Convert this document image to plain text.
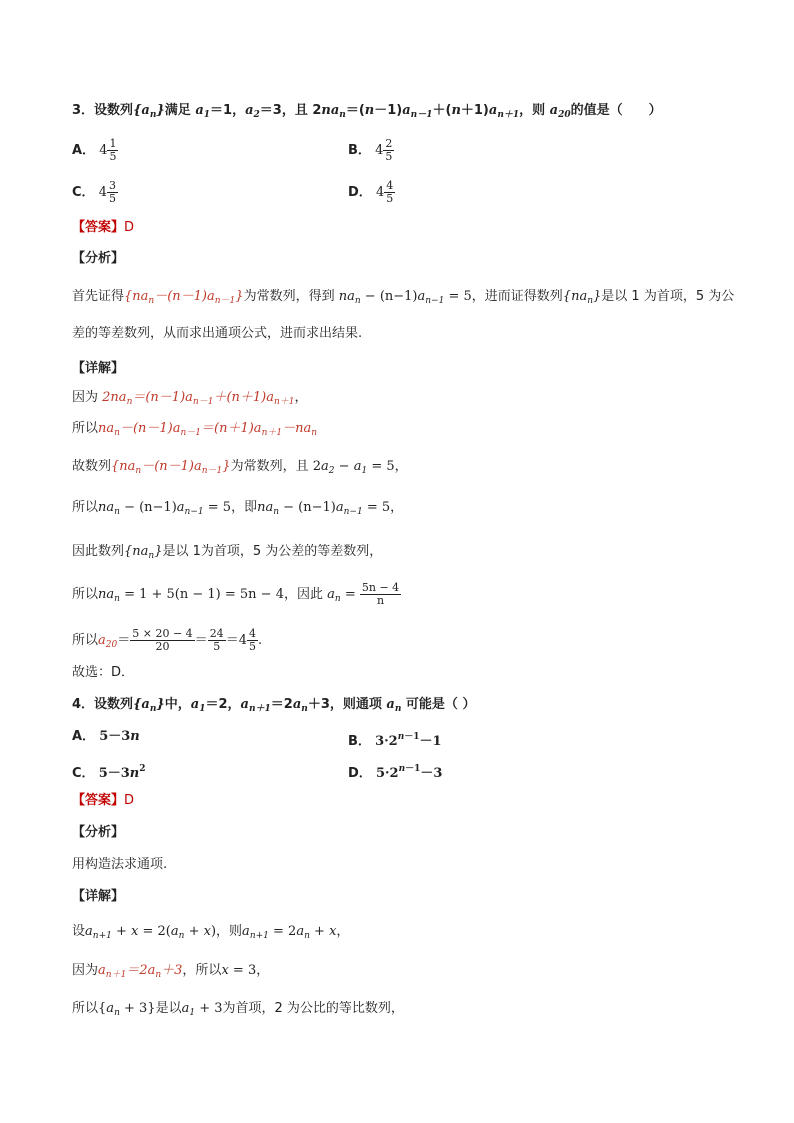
3．设数列$\{a_n\}$满足 $a_1=1$，$a_2=3$，且 $2na_n=(n-1)a_{n-1}+(n+1)a_{n+1}$，则 $a_{20}$的值是（　　）
A． $4 \frac{1}{5}$	B． $4 \frac{2}{5}$
C． $4 \frac{3}{5}$	D． $4 \frac{4}{5}$
【答案】D
【分析】
首先证得$\{na_n-(n-1)a_{n-1}\}$为常数列，得到 $na_n - (n-1)a_{n-1} = 5$，进而证得数列$\{na_n\}$是以 1 为首项，5 为公
差的等差数列，从而求出通项公式，进而求出结果.
【详解】
因为 $2na_n=(n-1)a_{n-1}+(n+1)a_{n+1}$，
所以$na_n-(n-1)a_{n-1}=(n+1)a_{n+1}-na_n$
故数列$\{na_n-(n-1)a_{n-1}\}$为常数列，且 $2a_2 - a_1 = 5$，
所以$na_n - (n-1)a_{n-1} = 5$，即$na_n - (n-1)a_{n-1} = 5$，
因此数列$\{na_n\}$是以 1为首项，5 为公差的等差数列，
所以$na_n = 1 + 5(n - 1) = 5n - 4$，因此 $a_n = \frac{5n - 4}{n}$
所以$a_{20}= \frac{5 \times 20 - 4}{20} = \frac{24}{5} =4 \frac{4}{5}$ .
故选：D．
4．设数列$\{a_n\}$中，$a_1=2$，$a_{n+1}=2a_n+3$，则通项 $a_n$ 可能是（ ）
A． 5－3n	B． $3\cdot 2^{n-1}-1$
C． $5-3n^2$	D． $5\cdot 2^{n-1}-3$
【答案】D
【分析】
用构造法求通项.
【详解】
设$a_{n+1} + x = 2(a_n + x)$，则$a_{n+1} = 2a_n + x$，
因为$a_{n+1}=2a_n+3$，所以x = 3，
所以$\{a_n + 3\}$是以$a_1 + 3$为首项，2 为公比的等比数列，
